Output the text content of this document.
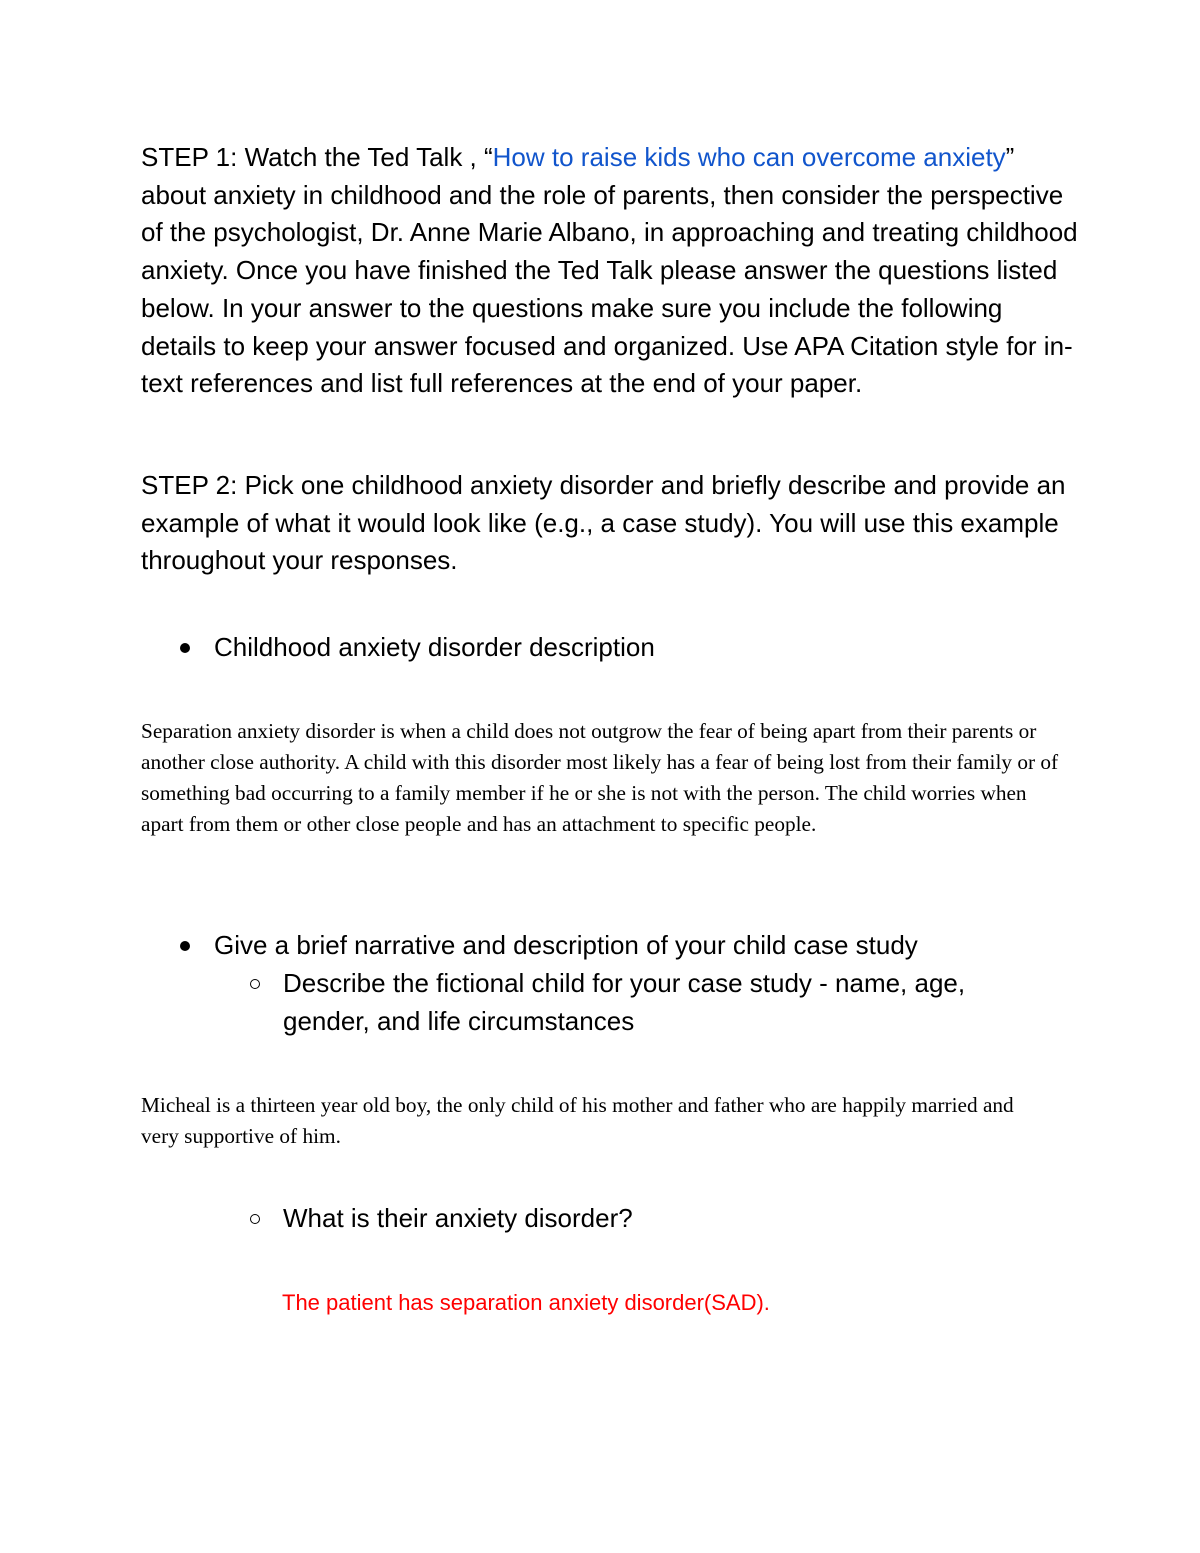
STEP 1: Watch the Ted Talk , “How to raise kids who can overcome anxiety” about anxiety in childhood and the role of parents, then consider the perspective of the psychologist, Dr. Anne Marie Albano, in approaching and treating childhood anxiety. Once you have finished the Ted Talk please answer the questions listed below. In your answer to the questions make sure you include the following details to keep your answer focused and organized. Use APA Citation style for in-text references and list full references at the end of your paper.

STEP 2: Pick one childhood anxiety disorder and briefly describe and provide an example of what it would look like (e.g., a case study). You will use this example throughout your responses.

Childhood anxiety disorder description

Separation anxiety disorder is when a child does not outgrow the fear of being apart from their parents or another close authority. A child with this disorder most likely has a fear of being lost from their family or of something bad occurring to a family member if he or she is not with the person. The child worries when apart from them or other close people and has an attachment to specific people.

Give a brief narrative and description of your child case study
Describe the fictional child for your case study - name, age, gender, and life circumstances

Micheal is a thirteen year old boy, the only child of his mother and father who are happily married and very supportive of him.

What is their anxiety disorder?

The patient has separation anxiety disorder(SAD).
